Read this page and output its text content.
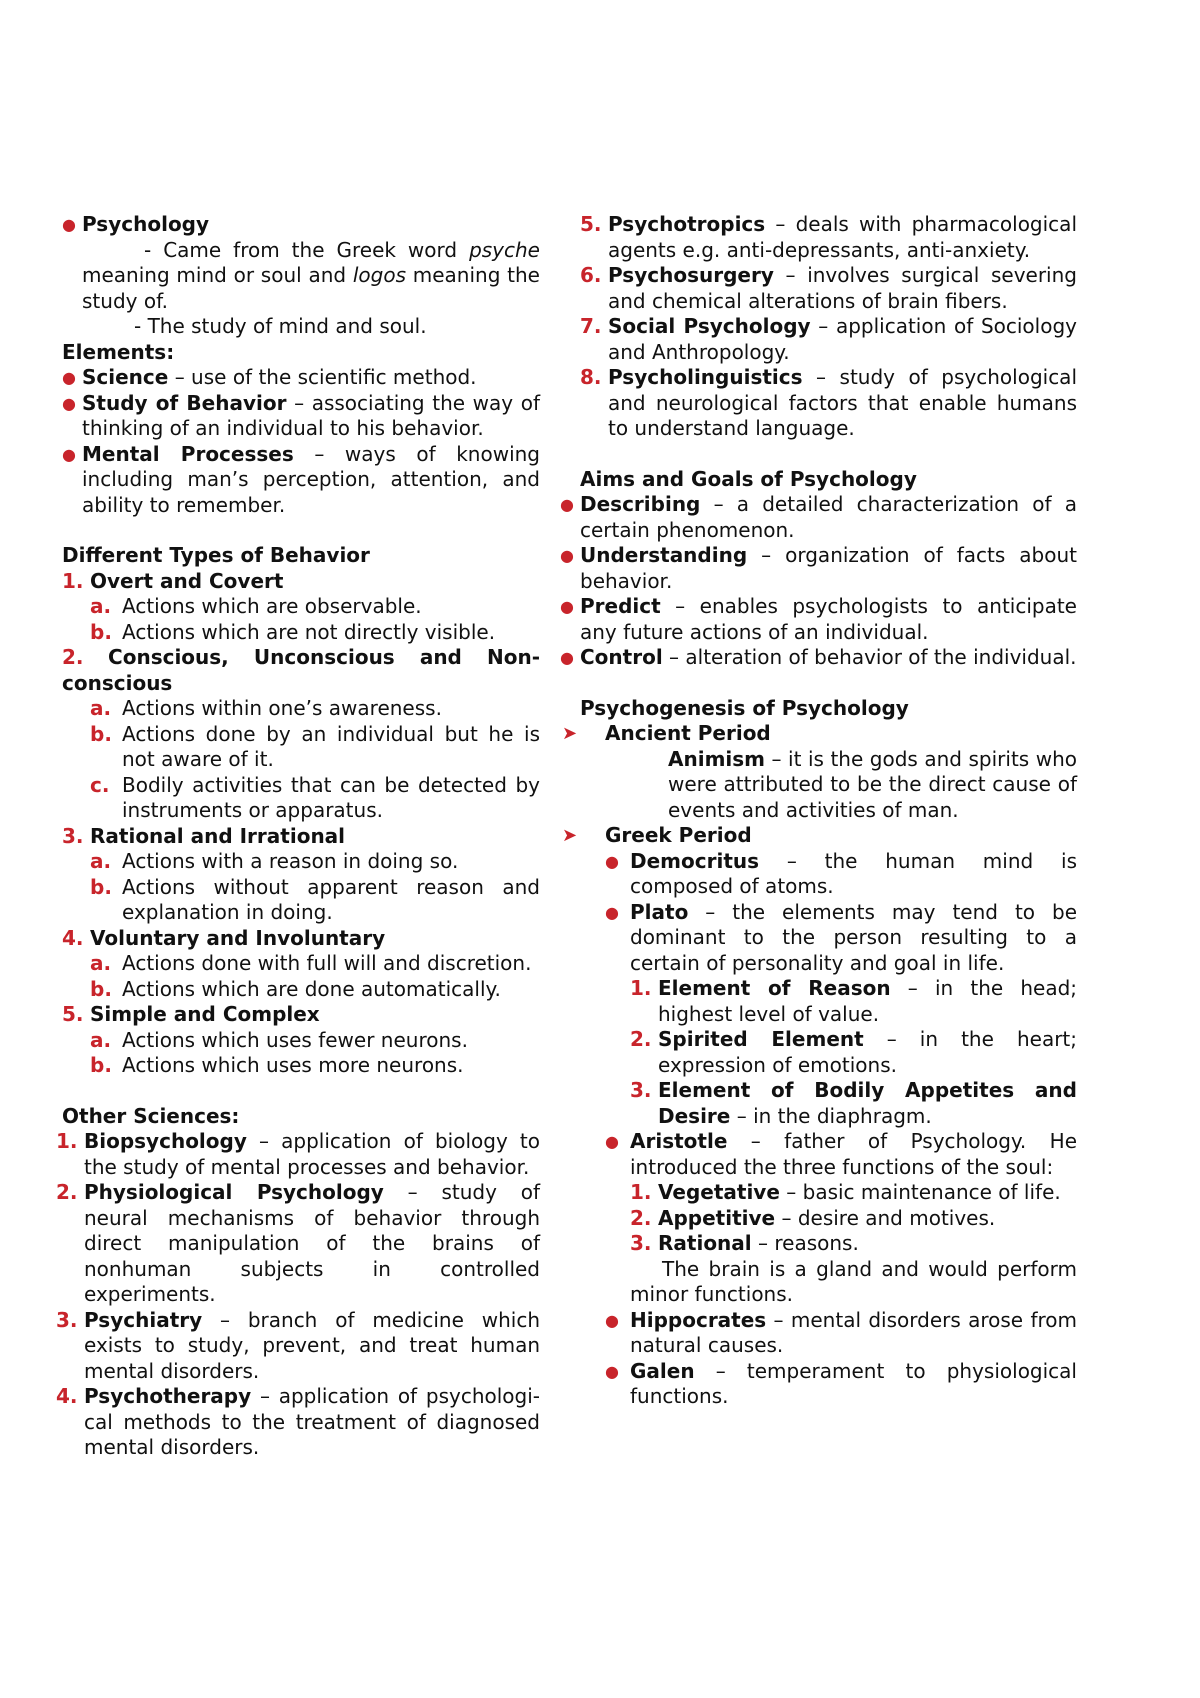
● Psychology

- Came from the Greek word psyche meaning mind or soul and logos meaning the study of.

- The study of mind and soul.

Elements:

● Science – use of the scientific method.
● Study of Behavior – associating the way of thinking of an individual to his behavior.
● Mental Processes – ways of knowing including man’s perception, attention, and ability to remember.

Different Types of Behavior

1. Overt and Covert
a. Actions which are observable.
b. Actions which are not directly visible.

2. Conscious, Unconscious and Non-conscious

a. Actions within one’s awareness.
b. Actions done by an individual but he is not aware of it.
c. Bodily activities that can be detected by instruments or apparatus.
3. Rational and Irrational
a. Actions with a reason in doing so.
b. Actions without apparent reason and explanation in doing.
4. Voluntary and Involuntary
a. Actions done with full will and discretion.
b. Actions which are done automatically.
5. Simple and Complex
a. Actions which uses fewer neurons.
b. Actions which uses more neurons.

Other Sciences:

1. Biopsychology – application of biology to the study of mental processes and behavior.
2. Physiological Psychology – study of neural mechanisms of behavior through direct manipulation of the brains of nonhuman subjects in controlled experiments.
3. Psychiatry – branch of medicine which exists to study, prevent, and treat human mental disorders.
4. Psychotherapy – application of psychologi-cal methods to the treatment of diagnosed mental disorders.
5. Psychotropics – deals with pharmacological agents e.g. anti-depressants, anti-anxiety.
6. Psychosurgery – involves surgical severing and chemical alterations of brain fibers.
7. Social Psychology – application of Sociology and Anthropology.
8. Psycholinguistics – study of psychological and neurological factors that enable humans to understand language.

Aims and Goals of Psychology

● Describing – a detailed characterization of a certain phenomenon.
● Understanding – organization of facts about behavior.
● Predict – enables psychologists to anticipate any future actions of an individual.
● Control – alteration of behavior of the individual.

Psychogenesis of Psychology

➤	Ancient Period

Animism – it is the gods and spirits who were attributed to be the direct cause of events and activities of man.

➤	Greek Period
● Democritus – the human mind is composed of atoms.
● Plato – the elements may tend to be dominant to the person resulting to a certain of personality and goal in life.
1. Element of Reason – in the head; highest level of value.
2. Spirited Element – in the heart; expression of emotions.
3. Element of Bodily Appetites and Desire – in the diaphragm.
● Aristotle – father of Psychology. He introduced the three functions of the soul:
1. Vegetative – basic maintenance of life.
2. Appetitive – desire and motives.
3. Rational – reasons.

The brain is a gland and would perform minor functions.

● Hippocrates – mental disorders arose from natural causes.
● Galen – temperament to physiological functions.
